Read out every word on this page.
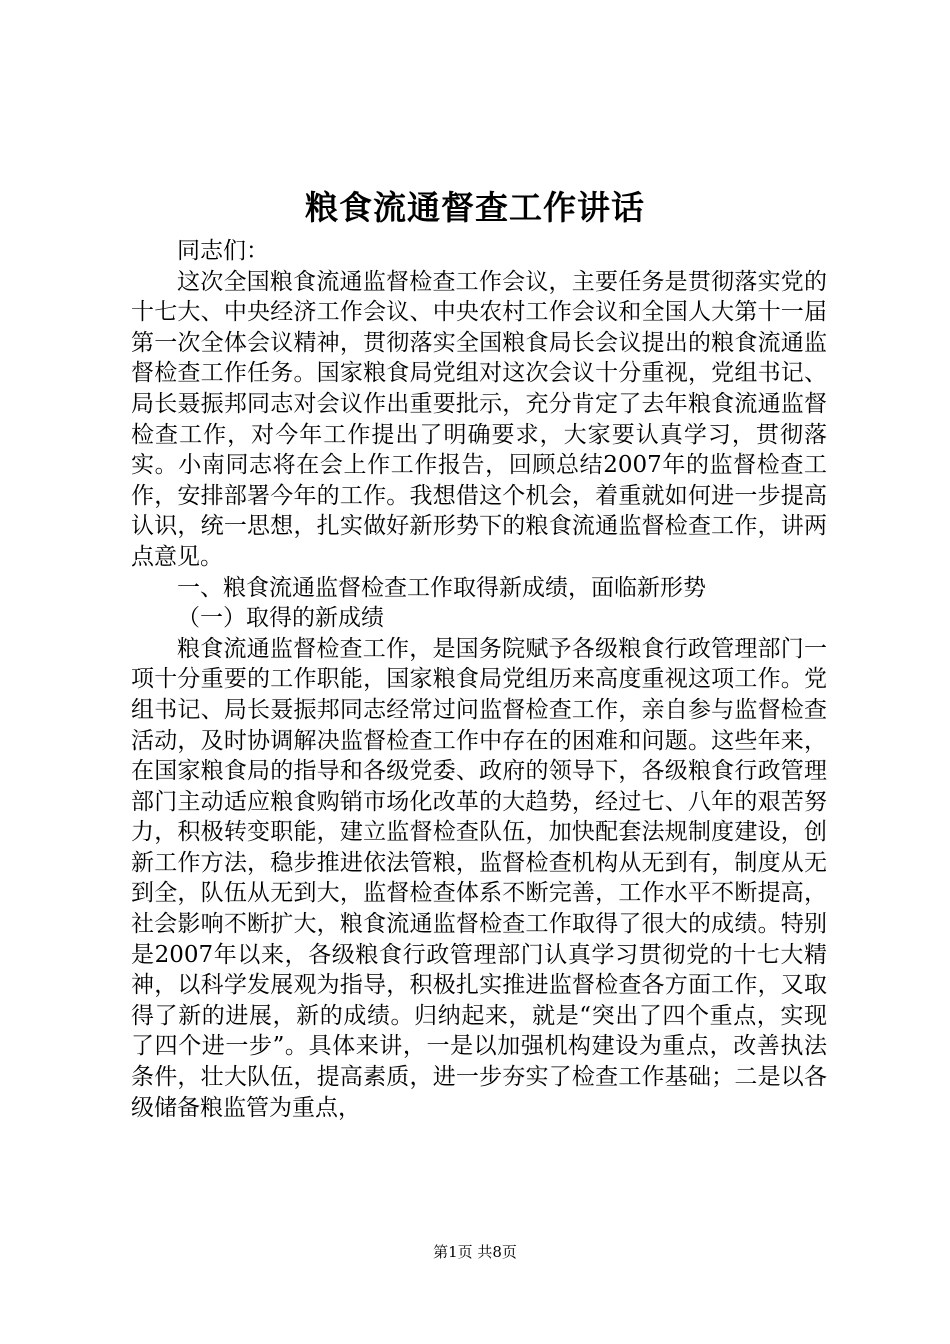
粮食流通督查工作讲话

同志们：

这次全国粮食流通监督检查工作会议，主要任务是贯彻落实党的十七大、中央经济工作会议、中央农村工作会议和全国人大第十一届第一次全体会议精神，贯彻落实全国粮食局长会议提出的粮食流通监督检查工作任务。国家粮食局党组对这次会议十分重视，党组书记、局长聂振邦同志对会议作出重要批示，充分肯定了去年粮食流通监督检查工作，对今年工作提出了明确要求，大家要认真学习，贯彻落实。小南同志将在会上作工作报告，回顾总结2007年的监督检查工作，安排部署今年的工作。我想借这个机会，着重就如何进一步提高认识，统一思想，扎实做好新形势下的粮食流通监督检查工作，讲两点意见。

一、粮食流通监督检查工作取得新成绩，面临新形势

（一）取得的新成绩

粮食流通监督检查工作，是国务院赋予各级粮食行政管理部门一项十分重要的工作职能，国家粮食局党组历来高度重视这项工作。党组书记、局长聂振邦同志经常过问监督检查工作，亲自参与监督检查活动，及时协调解决监督检查工作中存在的困难和问题。这些年来，在国家粮食局的指导和各级党委、政府的领导下，各级粮食行政管理部门主动适应粮食购销市场化改革的大趋势，经过七、八年的艰苦努力，积极转变职能，建立监督检查队伍，加快配套法规制度建设，创新工作方法，稳步推进依法管粮，监督检查机构从无到有，制度从无到全，队伍从无到大，监督检查体系不断完善，工作水平不断提高，社会影响不断扩大，粮食流通监督检查工作取得了很大的成绩。特别是2007年以来，各级粮食行政管理部门认真学习贯彻党的十七大精神，以科学发展观为指导，积极扎实推进监督检查各方面工作，又取得了新的进展，新的成绩。归纳起来，就是“突出了四个重点，实现了四个进一步”。具体来讲，一是以加强机构建设为重点，改善执法条件，壮大队伍，提高素质，进一步夯实了检查工作基础；二是以各级储备粮监管为重点，

第1页 共8页
